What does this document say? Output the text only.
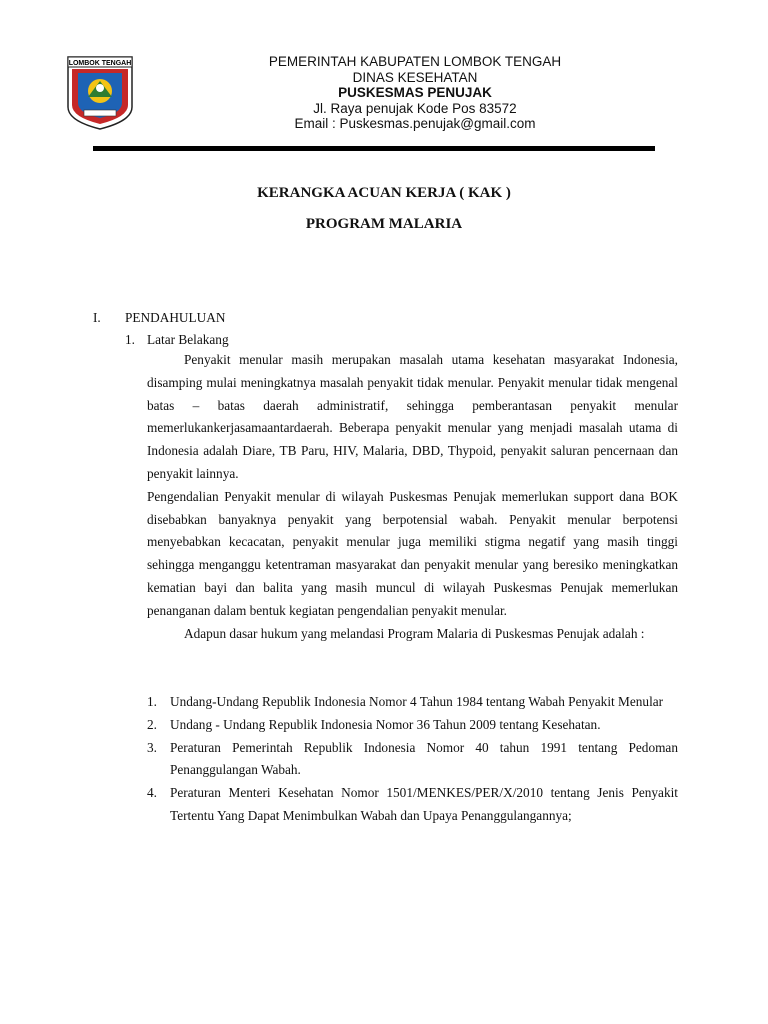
LOMBOK TENGAH	PEMERINTAH KABUPATEN LOMBOK TENGAH
DINAS KESEHATAN
PUSKESMAS PENUJAK
Jl. Raya penujak Kode Pos 83572
Email : Puskesmas.penujak@gmail.com
KERANGKA ACUAN KERJA ( KAK )
PROGRAM MALARIA
I. PENDAHULUAN
1. Latar Belakang

Penyakit menular masih merupakan masalah utama kesehatan masyarakat Indonesia, disamping mulai meningkatnya masalah penyakit tidak menular. Penyakit menular tidak mengenal batas – batas daerah administratif, sehingga pemberantasan penyakit menular memerlukankerjasamaantardaerah. Beberapa penyakit menular yang menjadi masalah utama di Indonesia adalah Diare, TB Paru, HIV, Malaria, DBD, Thypoid, penyakit saluran pencernaan dan penyakit lainnya.

Pengendalian Penyakit menular di wilayah Puskesmas Penujak memerlukan support dana BOK disebabkan banyaknya penyakit yang berpotensial wabah. Penyakit menular berpotensi menyebabkan kecacatan, penyakit menular juga memiliki stigma negatif yang masih tinggi sehingga menganggu ketentraman masyarakat dan penyakit menular yang beresiko meningkatkan kematian bayi dan balita yang masih muncul di wilayah Puskesmas Penujak memerlukan penanganan dalam bentuk kegiatan pengendalian penyakit menular.

Adapun dasar hukum yang melandasi Program Malaria di Puskesmas Penujak adalah :

1. Undang-Undang Republik Indonesia Nomor 4 Tahun 1984 tentang Wabah Penyakit Menular
2. Undang - Undang Republik Indonesia Nomor 36 Tahun 2009 tentang Kesehatan.
3. Peraturan Pemerintah Republik Indonesia Nomor 40 tahun 1991 tentang Pedoman Penanggulangan Wabah.
4. Peraturan Menteri Kesehatan Nomor 1501/MENKES/PER/X/2010 tentang Jenis Penyakit Tertentu Yang Dapat Menimbulkan Wabah dan Upaya Penanggulangannya;
